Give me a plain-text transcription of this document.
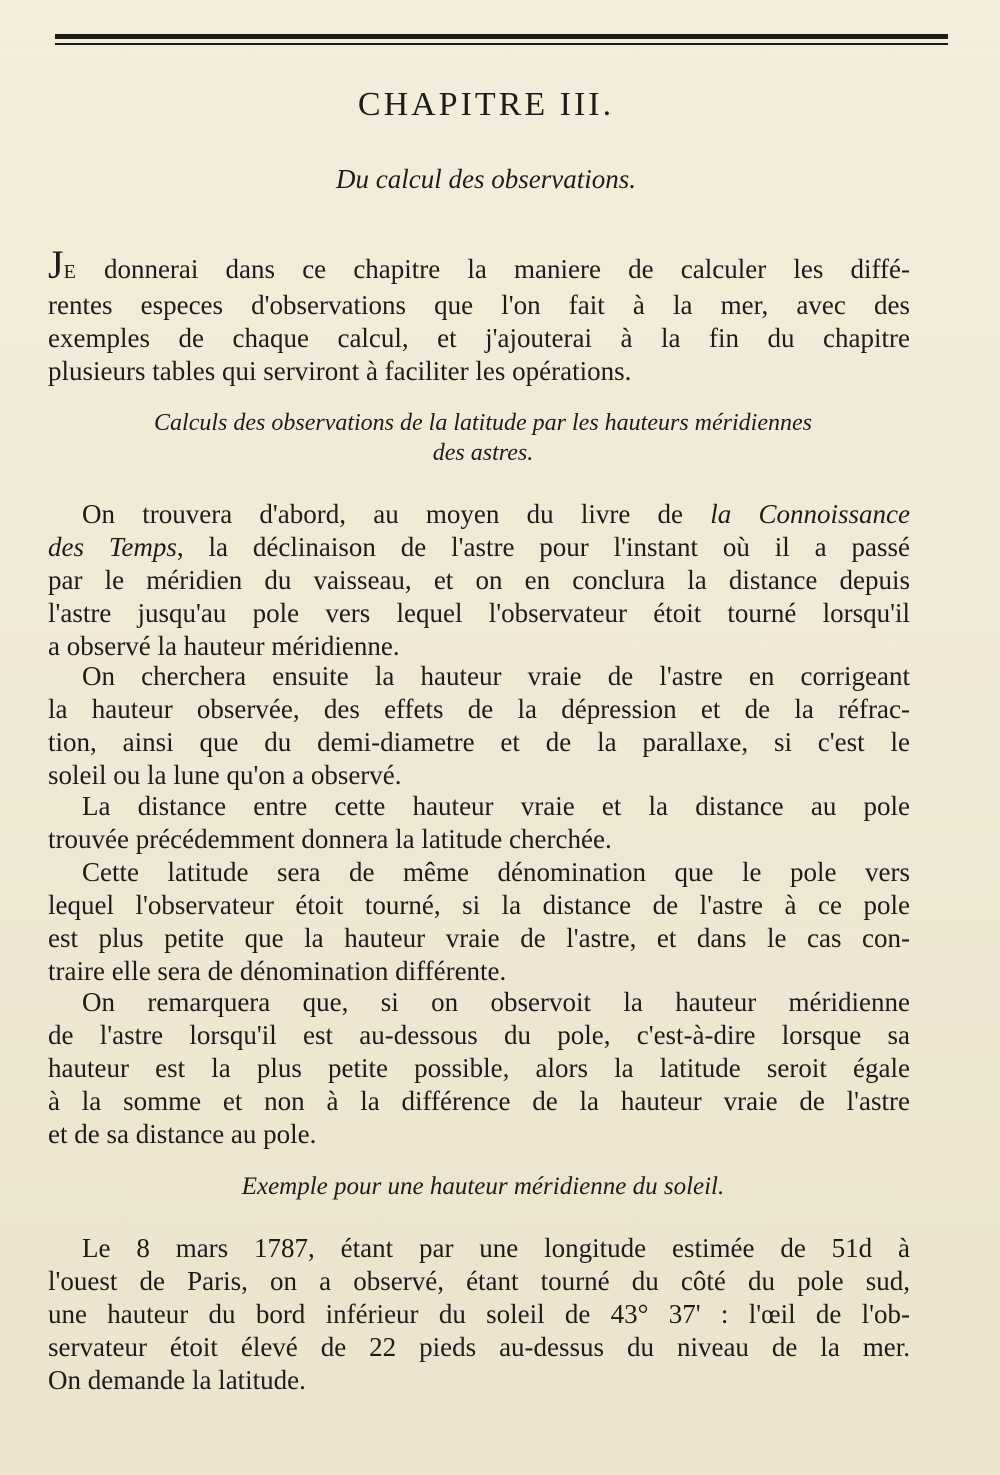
CHAPITRE III.

Du calcul des observations.

JE donnerai dans ce chapitre la maniere de calculer les diffé-
rentes especes d'observations que l'on fait à la mer, avec des
exemples de chaque calcul, et j'ajouterai à la fin du chapitre
plusieurs tables qui serviront à faciliter les opérations.
Calculs des observations de la latitude par les hauteurs méridiennes
des astres.
On trouvera d'abord, au moyen du livre de la Connoissance
des Temps, la déclinaison de l'astre pour l'instant où il a passé
par le méridien du vaisseau, et on en conclura la distance depuis
l'astre jusqu'au pole vers lequel l'observateur étoit tourné lorsqu'il
a observé la hauteur méridienne.
On cherchera ensuite la hauteur vraie de l'astre en corrigeant
la hauteur observée, des effets de la dépression et de la réfrac-
tion, ainsi que du demi-diametre et de la parallaxe, si c'est le
soleil ou la lune qu'on a observé.
La distance entre cette hauteur vraie et la distance au pole
trouvée précédemment donnera la latitude cherchée.
Cette latitude sera de même dénomination que le pole vers
lequel l'observateur étoit tourné, si la distance de l'astre à ce pole
est plus petite que la hauteur vraie de l'astre, et dans le cas con-
traire elle sera de dénomination différente.
On remarquera que, si on observoit la hauteur méridienne
de l'astre lorsqu'il est au-dessous du pole, c'est-à-dire lorsque sa
hauteur est la plus petite possible, alors la latitude seroit égale
à la somme et non à la différence de la hauteur vraie de l'astre
et de sa distance au pole.
Exemple pour une hauteur méridienne du soleil.
Le 8 mars 1787, étant par une longitude estimée de 51d à
l'ouest de Paris, on a observé, étant tourné du côté du pole sud,
une hauteur du bord inférieur du soleil de 43° 37' : l'œil de l'ob-
servateur étoit élevé de 22 pieds au-dessus du niveau de la mer.
On demande la latitude.
